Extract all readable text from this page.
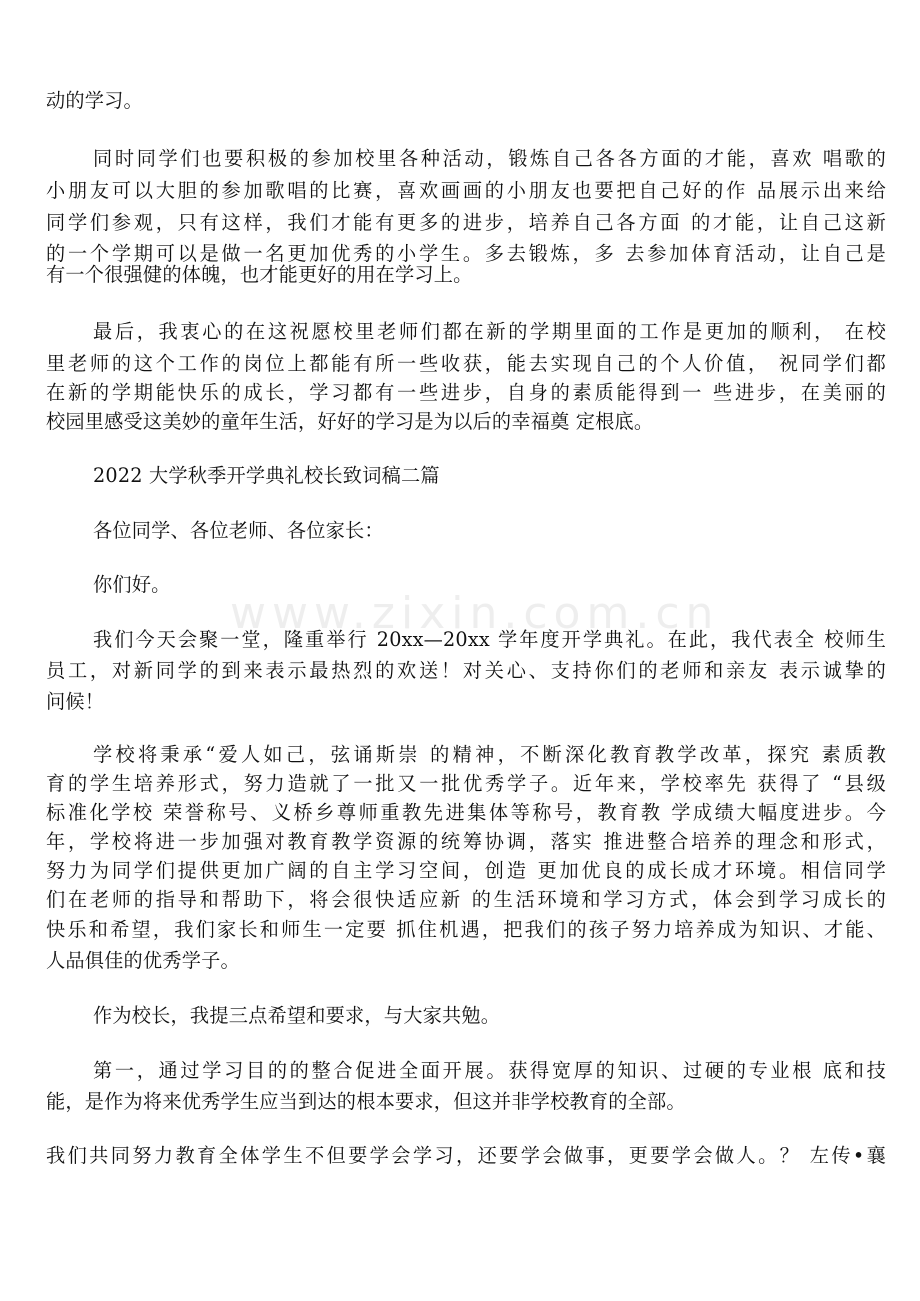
www.zixin.com.cn
动的学习。
同时同学们也要积极的参加校里各种活动，锻炼自己各各方面的才能，喜欢 唱歌的
小朋友可以大胆的参加歌唱的比赛，喜欢画画的小朋友也要把自己好的作 品展示出来给
同学们参观，只有这样，我们才能有更多的进步，培养自己各方面 的才能，让自己这新
的一个学期可以是做一名更加优秀的小学生。多去锻炼，多 去参加体育活动，让自己是
有一个很强健的体魄，也才能更好的用在学习上。
最后，我衷心的在这祝愿校里老师们都在新的学期里面的工作是更加的顺利， 在校
里老师的这个工作的岗位上都能有所一些收获，能去实现自己的个人价值， 祝同学们都
在新的学期能快乐的成长，学习都有一些进步，自身的素质能得到一 些进步，在美丽的
校园里感受这美妙的童年生活，好好的学习是为以后的幸福奠 定根底。
2022 大学秋季开学典礼校长致词稿二篇
各位同学、各位老师、各位家长：
你们好。
我们今天会聚一堂，隆重举行 20xx—20xx 学年度开学典礼。在此，我代表全 校师生
员工，对新同学的到来表示最热烈的欢送！对关心、支持你们的老师和亲友 表示诚挚的
问候！
学校将秉承“爱人如己，弦诵斯崇 的精神，不断深化教育教学改革，探究 素质教
育的学生培养形式，努力造就了一批又一批优秀学子。近年来，学校率先 获得了 “县级
标准化学校 荣誉称号、义桥乡尊师重教先进集体等称号，教育教 学成绩大幅度进步。今
年，学校将进一步加强对教育教学资源的统筹协调，落实 推进整合培养的理念和形式，
努力为同学们提供更加广阔的自主学习空间，创造 更加优良的成长成才环境。相信同学
们在老师的指导和帮助下，将会很快适应新 的生活环境和学习方式，体会到学习成长的
快乐和希望，我们家长和师生一定要 抓住机遇，把我们的孩子努力培养成为知识、才能、
人品俱佳的优秀学子。
作为校长，我提三点希望和要求，与大家共勉。
第一，通过学习目的的整合促进全面开展。获得宽厚的知识、过硬的专业根 底和技
能，是作为将来优秀学生应当到达的根本要求，但这并非学校教育的全部。
我们共同努力教育全体学生不但要学会学习，还要学会做事，更要学会做人。？ 左传•襄
